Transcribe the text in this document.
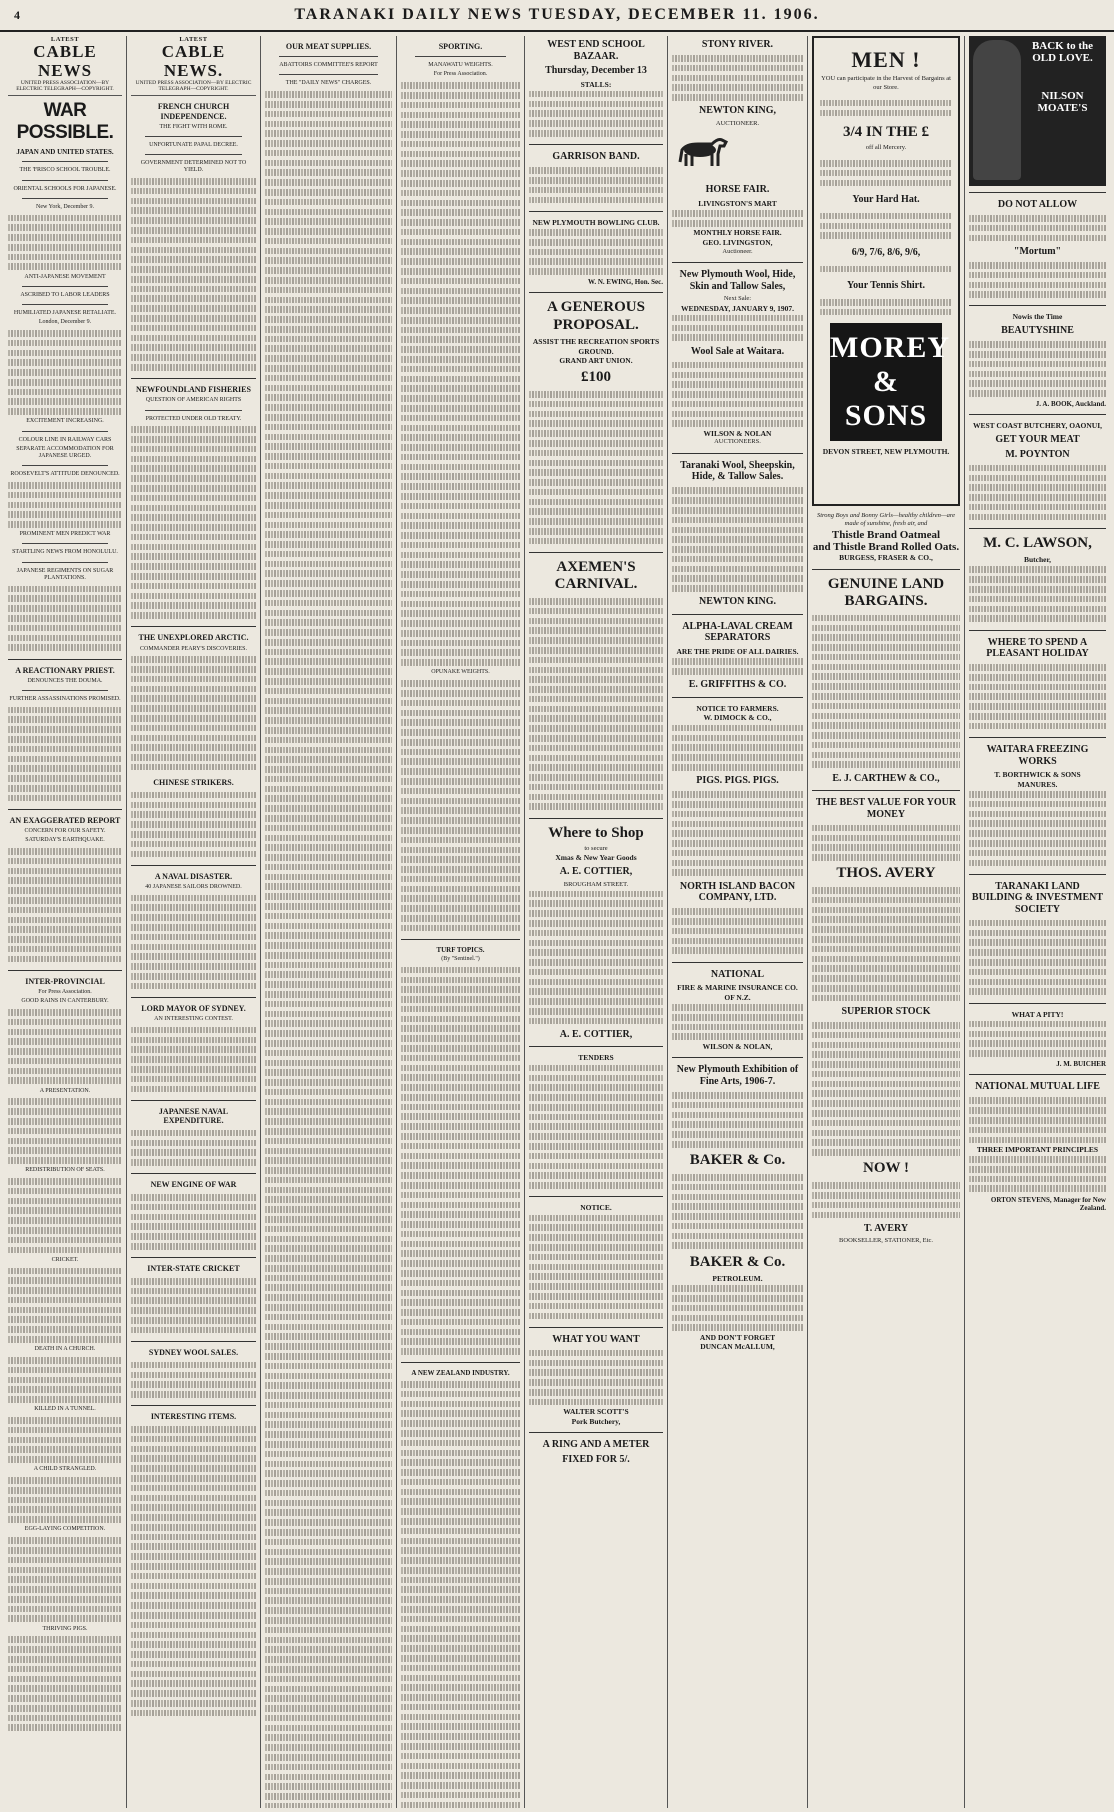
4	TARANAKI DAILY NEWS TUESDAY, DECEMBER 11. 1906.
LATEST
CABLE NEWS
UNITED PRESS ASSOCIATION—BY ELECTRIC TELEGRAPH—COPYRIGHT.
WAR POSSIBLE.
JAPAN AND UNITED STATES.
THE 'FRISCO SCHOOL TROUBLE.
ORIENTAL SCHOOLS FOR JAPANESE.
New York, December 9.
ANTI-JAPANESE MOVEMENT
ASCRIBED TO LABOR LEADERS
HUMILIATED JAPANESE RETALIATE.
London, December 9.
EXCITEMENT INCREASING.
COLOUR LINE IN RAILWAY CARS
SEPARATE ACCOMMODATION FOR JAPANESE URGED.
ROOSEVELT'S ATTITUDE DENOUNCED.
PROMINENT MEN PREDICT WAR
STARTLING NEWS FROM HONOLULU.
JAPANESE REGIMENTS ON SUGAR PLANTATIONS.
A REACTIONARY PRIEST.
DENOUNCES THE DOUMA.
FURTHER ASSASSINATIONS PROMISED.
AN EXAGGERATED REPORT
CONCERN FOR OUR SAFETY.
SATURDAY'S EARTHQUAKE.
INTER-PROVINCIAL
For Press Association.
GOOD RAINS IN CANTERBURY.
A PRESENTATION.
REDISTRIBUTION OF SEATS.
CRICKET.
DEATH IN A CHURCH.
KILLED IN A TUNNEL.
A CHILD STRANGLED.
EGG-LAYING COMPETITION.
THRIVING PIGS.
LATEST
CABLE NEWS.
UNITED PRESS ASSOCIATION—BY ELECTRIC TELEGRAPH—COPYRIGHT.
FRENCH CHURCH INDEPENDENCE.
THE FIGHT WITH ROME.
UNFORTUNATE PAPAL DECREE.
GOVERNMENT DETERMINED NOT TO YIELD.
NEWFOUNDLAND FISHERIES
QUESTION OF AMERICAN RIGHTS
PROTECTED UNDER OLD TREATY.
THE UNEXPLORED ARCTIC.
COMMANDER PEARY'S DISCOVERIES.
CHINESE STRIKERS.
A NAVAL DISASTER.
40 JAPANESE SAILORS DROWNED.
LORD MAYOR OF SYDNEY.
AN INTERESTING CONTEST.
JAPANESE NAVAL EXPENDITURE.
NEW ENGINE OF WAR
INTER-STATE CRICKET
SYDNEY WOOL SALES.
INTERESTING ITEMS.
OUR MEAT SUPPLIES.
ABATTOIRS COMMITTEE'S REPORT
THE "DAILY NEWS" CHARGES.
SPORTING.
MANAWATU WEIGHTS.
For Press Association.
OPUNAKE WEIGHTS.
TURF TOPICS.
(By "Sentinel.")
A NEW ZEALAND INDUSTRY.
WEST END SCHOOL BAZAAR.
Thursday, December 13
STALLS:
GARRISON BAND.
NEW PLYMOUTH BOWLING CLUB.
W. N. EWING, Hon. Sec.
A GENEROUS PROPOSAL.
ASSIST THE RECREATION SPORTS GROUND.
GRAND ART UNION.
£100
AXEMEN'S CARNIVAL.
Where to Shop
to secure
Xmas & New Year Goods
A. E. COTTIER,
BROUGHAM STREET.
A. E. COTTIER,
TENDERS
NOTICE.
WHAT YOU WANT
WALTER SCOTT'S
Pork Butchery,
A RING AND A METER
FIXED FOR 5/.
STONY RIVER.
NEWTON KING,
AUCTIONEER.
HORSE FAIR.
LIVINGSTON'S MART
MONTHLY HORSE FAIR.
GEO. LIVINGSTON,
Auctioneer.
New Plymouth Wool, Hide, Skin and Tallow Sales,
Next Sale:
WEDNESDAY, JANUARY 9, 1907.
Wool Sale at Waitara.
WILSON & NOLAN
AUCTIONEERS.
Taranaki Wool, Sheepskin, Hide, & Tallow Sales.
NEWTON KING.
ALPHA-LAVAL CREAM SEPARATORS
ARE THE PRIDE OF ALL DAIRIES.
E. GRIFFITHS & CO.
NOTICE TO FARMERS.
W. DIMOCK & CO.,
PIGS. PIGS. PIGS.
NORTH ISLAND BACON COMPANY, LTD.
NATIONAL
FIRE & MARINE INSURANCE CO. OF N.Z.
WILSON & NOLAN,
New Plymouth Exhibition of Fine Arts, 1906-7.
BAKER & Co.
BAKER & Co.
PETROLEUM.
AND DON'T FORGET
DUNCAN McALLUM,
MEN !
YOU can participate in the Harvest of Bargains at our Store.
3/4 IN THE £
off all Mercery.
Your Hard Hat.
6/9, 7/6, 8/6, 9/6,
Your Tennis Shirt.
MOREY & SONS
DEVON STREET, NEW PLYMOUTH.
Strong Boys and Bonny Girls—healthy children—are made of sunshine, fresh air, and
Thistle Brand Oatmeal
and Thistle Brand Rolled Oats.
BURGESS, FRASER & CO.,
GENUINE LAND BARGAINS.
E. J. CARTHEW & CO.,
THE BEST VALUE FOR YOUR MONEY
THOS. AVERY
SUPERIOR STOCK
NOW !
T. AVERY
BOOKSELLER, STATIONER, Etc.
BACK to the OLD LOVE.

NILSON MOATE'S
DO NOT ALLOW
"Mortum"
Nowis the Time
BEAUTYSHINE
J. A. BOOK, Auckland.
WEST COAST BUTCHERY, OAONUI,
GET YOUR MEAT
M. POYNTON
M. C. LAWSON,
Butcher,
WHERE TO SPEND A PLEASANT HOLIDAY
WAITARA FREEZING WORKS
T. BORTHWICK & SONS
MANURES.
TARANAKI LAND BUILDING & INVESTMENT SOCIETY
WHAT A PITY!
J. M. BUICHER
NATIONAL MUTUAL LIFE
THREE IMPORTANT PRINCIPLES
ORTON STEVENS, Manager for New Zealand.
